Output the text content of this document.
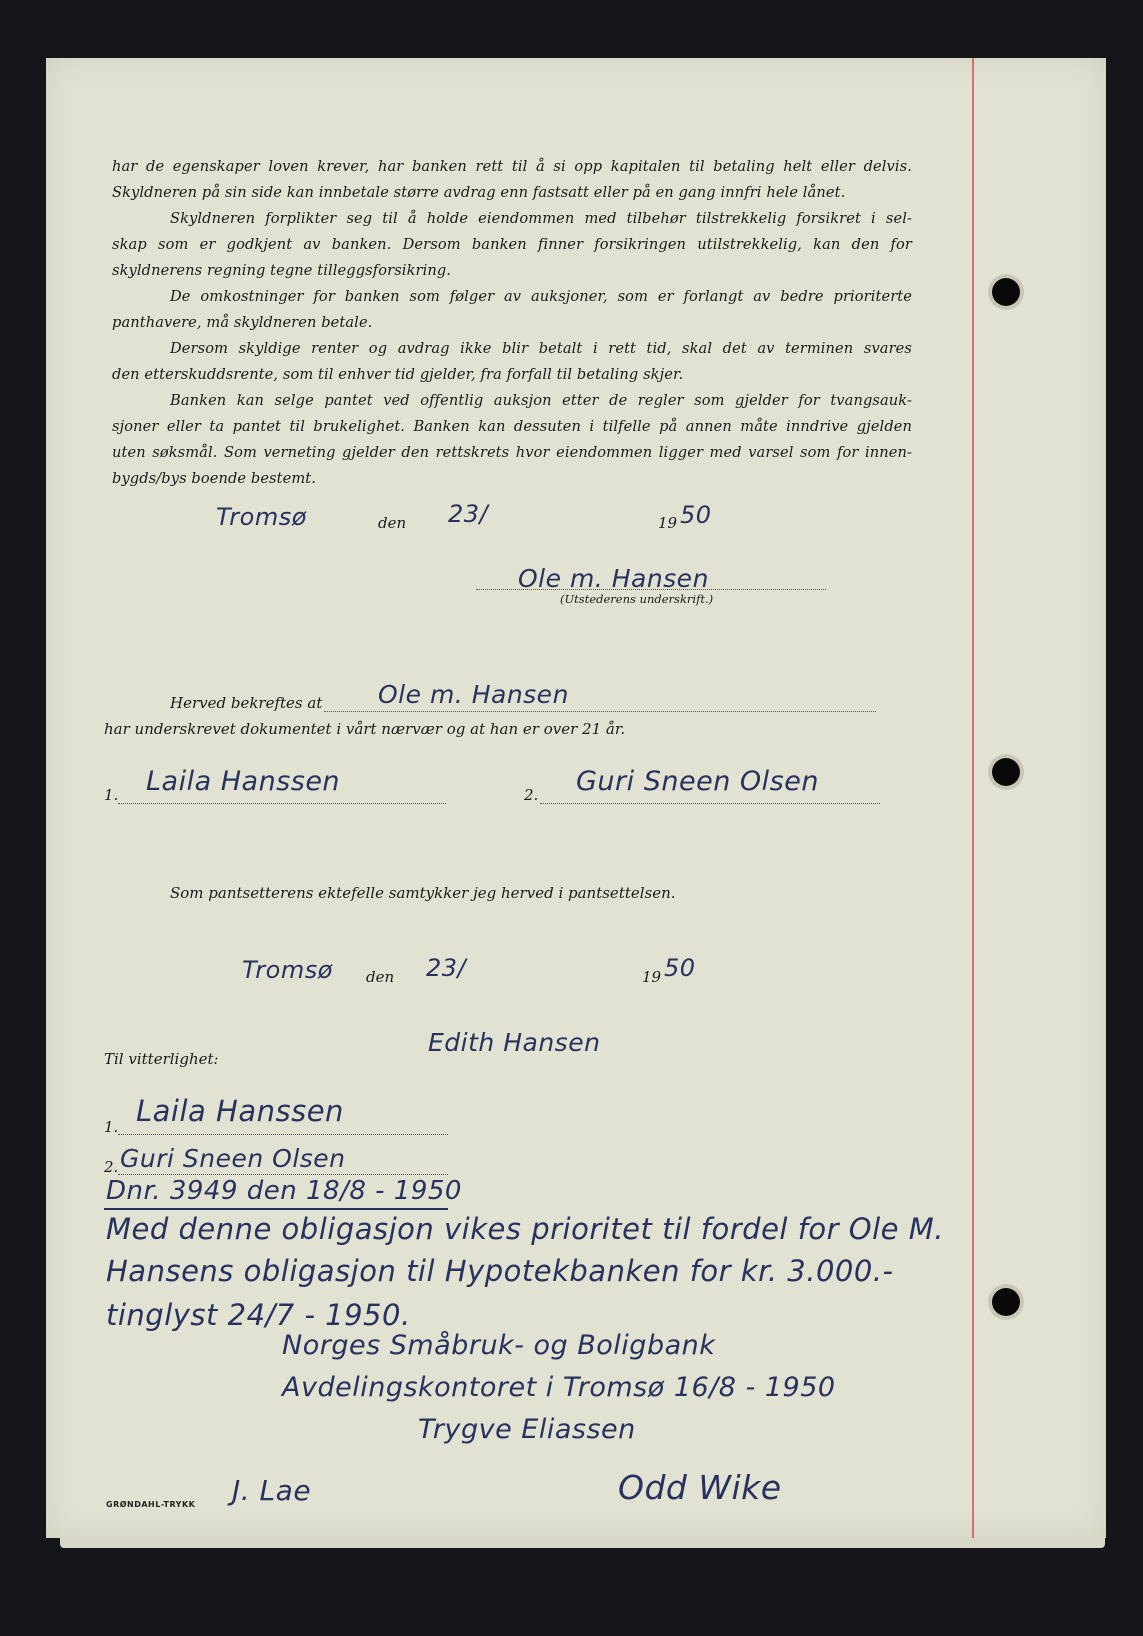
har de egenskaper loven krever, har banken rett til å si opp kapitalen til betaling helt eller delvis.
Skyldneren på sin side kan innbetale større avdrag enn fastsatt eller på en gang innfri hele lånet.
Skyldneren forplikter seg til å holde eiendommen med tilbehør tilstrekkelig forsikret i sel-
skap som er godkjent av banken. Dersom banken finner forsikringen utilstrekkelig, kan den for
skyldnerens regning tegne tilleggsforsikring.
De omkostninger for banken som følger av auksjoner, som er forlangt av bedre prioriterte
panthavere, må skyldneren betale.
Dersom skyldige renter og avdrag ikke blir betalt i rett tid, skal det av terminen svares
den etterskuddsrente, som til enhver tid gjelder, fra forfall til betaling skjer.
Banken kan selge pantet ved offentlig auksjon etter de regler som gjelder for tvangsauk-
sjoner eller ta pantet til brukelighet. Banken kan dessuten i tilfelle på annen måte inndrive gjelden
uten søksmål. Som verneting gjelder den rettskrets hvor eiendommen ligger med varsel som for innen-
bygds/bys boende bestemt.
Tromsø	den 23/	19 50
Ole m. Hansen
(Utstederens underskrift.)
Herved bekreftes at Ole m. Hansen
har underskrevet dokumentet i vårt nærvær og at han er over 21 år.
1. Laila Hanssen	2. Guri Sneen Olsen
Som pantsetterens ektefelle samtykker jeg herved i pantsettelsen.
Tromsø den 23/	19 50
Edith Hansen
Til vitterlighet:
1. Laila Hanssen
2. Guri Sneen Olsen
Dnr. 3949 den 18/8 - 1950
Med denne obligasjon vikes prioritet til fordel for Ole M.
Hansens obligasjon til Hypotekbanken for kr. 3.000.-
tinglyst 24/7 - 1950.
Norges Småbruk- og Boligbank
Avdelingskontoret i Tromsø 16/8 - 1950
Trygve Eliassen
J. Lae	Odd Wike
GRØNDAHL-TRYKK
